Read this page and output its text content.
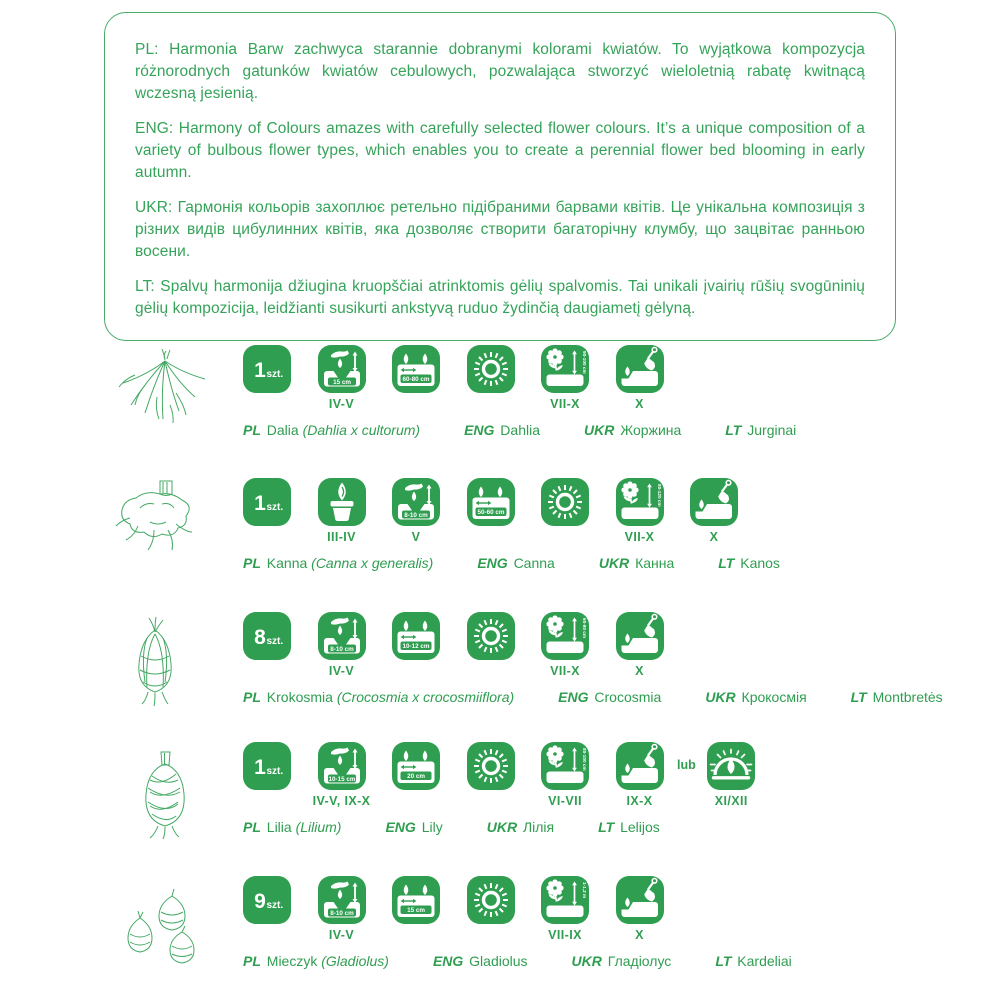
PL: Harmonia Barw zachwyca starannie dobranymi kolorami kwiatów. To wyjątkowa kompozycja różnorodnych gatunków kwiatów cebulowych, pozwalająca stworzyć wieloletnią rabatę kwitnącą wczesną jesienią.

ENG: Harmony of Colours amazes with carefully selected flower colours. It’s a unique composition of a variety of bulbous flower types, which enables you to create a perennial flower bed blooming in early autumn.

UKR: Гармонія кольорів захоплює ретельно підібраними барвами квітів. Це унікальна композиція з різних видів цибулинних квітів, яка дозволяє створити багаторічну клумбу, що зацвітає ранньою восени.

LT: Spalvų harmonija džiugina kruopščiai atrinktomis gėlių spalvomis. Tai unikali įvairių rūšių svogūninių gėlių kompozicija, leidžianti susikurti ankstyvą ruduo žydinčią daugiametį gėlyną.

1 szt.
15 cm
IV-V
60-80 cm
90-100 cm
VII-X	X
PL Dalia (Dahlia x cultorum)	ENG Dahlia	UKR Жоржина	LT Jurginai
1 szt.
III-IV
8-10 cm
V
50-60 cm
80-120 cm
VII-X	X
PL Kanna (Canna x generalis)	ENG Canna	UKR Канна	LT Kanos
8 szt.
8-10 cm
IV-V
10-12 cm
60-80 cm
VII-X	X
PL Krokosmia (Crocosmia x crocosmiiflora)	ENG Crocosmia	UKR Крокосмія	LT Montbretės
1 szt.
10-15 cm
IV-V, IX-X
20 cm
80-100 cm
VI-VII	IX-X
lub
XI/XII
PL Lilia (Lilium)	ENG Lily	UKR Лілія	LT Lelijos
9 szt.
8-10 cm
IV-V
15 cm
1-1,2 m
VII-IX	X
PL Mieczyk (Gladiolus)	ENG Gladiolus	UKR Гладіолус	LT Kardeliai
